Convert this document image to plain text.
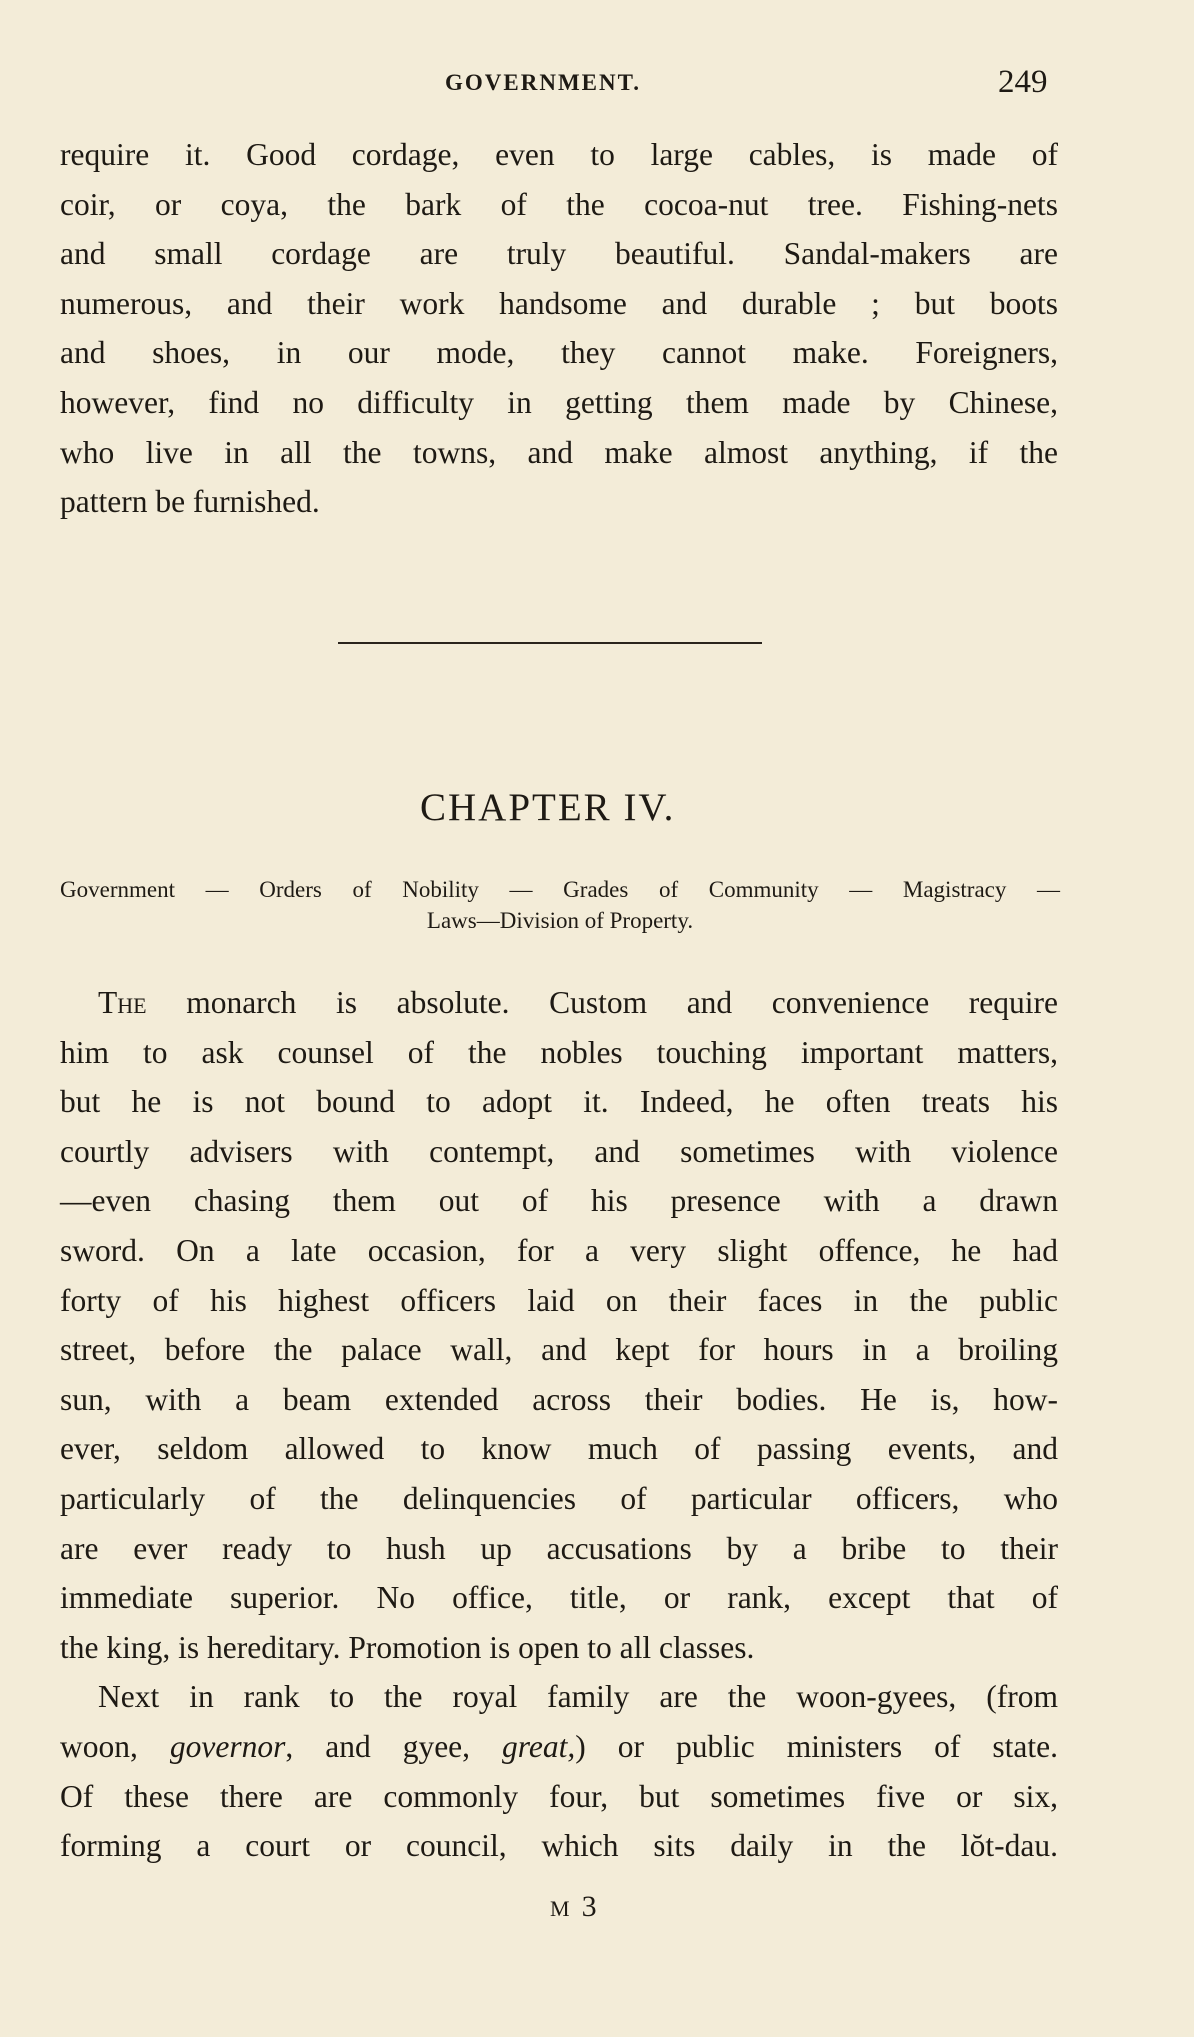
GOVERNMENT.	249
require it. Good cordage, even to large cables, is made of
coir, or coya, the bark of the cocoa-nut tree. Fishing-nets
and small cordage are truly beautiful. Sandal-makers are
numerous, and their work handsome and durable ; but boots
and shoes, in our mode, they cannot make. Foreigners,
however, find no difficulty in getting them made by Chinese,
who live in all the towns, and make almost anything, if the
pattern be furnished.
CHAPTER IV.
Government — Orders of Nobility — Grades of Community — Magistracy —
Laws—Division of Property.
The monarch is absolute. Custom and convenience require
him to ask counsel of the nobles touching important matters,
but he is not bound to adopt it. Indeed, he often treats his
courtly advisers with contempt, and sometimes with violence
—even chasing them out of his presence with a drawn
sword. On a late occasion, for a very slight offence, he had
forty of his highest officers laid on their faces in the public
street, before the palace wall, and kept for hours in a broiling
sun, with a beam extended across their bodies. He is, how-
ever, seldom allowed to know much of passing events, and
particularly of the delinquencies of particular officers, who
are ever ready to hush up accusations by a bribe to their
immediate superior. No office, title, or rank, except that of
the king, is hereditary. Promotion is open to all classes.
Next in rank to the royal family are the woon-gyees, (from
woon, governor, and gyee, great,) or public ministers of state.
Of these there are commonly four, but sometimes five or six,
forming a court or council, which sits daily in the lŏt-dau.
M 3
